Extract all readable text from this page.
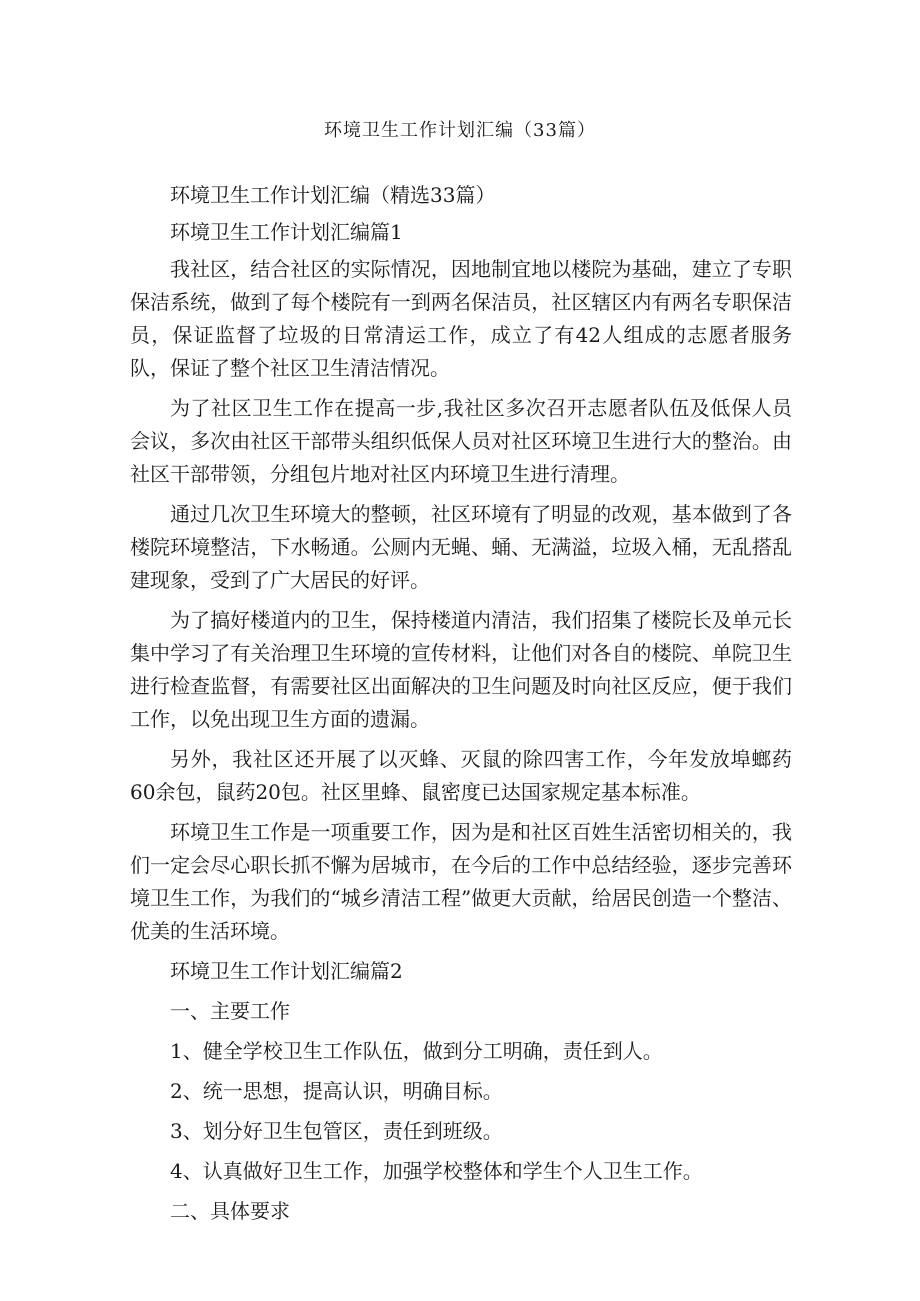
环境卫生工作计划汇编（33篇）

环境卫生工作计划汇编（精选33篇）

环境卫生工作计划汇编篇1

我社区，结合社区的实际情况，因地制宜地以楼院为基础，建立了专职保洁系统，做到了每个楼院有一到两名保洁员，社区辖区内有两名专职保洁员，保证监督了垃圾的日常清运工作，成立了有42人组成的志愿者服务队，保证了整个社区卫生清洁情况。

为了社区卫生工作在提高一步,我社区多次召开志愿者队伍及低保人员会议，多次由社区干部带头组织低保人员对社区环境卫生进行大的整治。由社区干部带领，分组包片地对社区内环境卫生进行清理。

通过几次卫生环境大的整顿，社区环境有了明显的改观，基本做到了各楼院环境整洁，下水畅通。公厕内无蝇、蛹、无满溢，垃圾入桶，无乱搭乱建现象，受到了广大居民的好评。

为了搞好楼道内的卫生，保持楼道内清洁，我们招集了楼院长及单元长集中学习了有关治理卫生环境的宣传材料，让他们对各自的楼院、单院卫生进行检查监督，有需要社区出面解决的卫生问题及时向社区反应，便于我们工作，以免出现卫生方面的遗漏。

另外，我社区还开展了以灭蜂、灭鼠的除四害工作，今年发放埠螂药60余包，鼠药20包。社区里蜂、鼠密度已达国家规定基本标准。

环境卫生工作是一项重要工作，因为是和社区百姓生活密切相关的，我们一定会尽心职长抓不懈为居城市，在今后的工作中总结经验，逐步完善环境卫生工作，为我们的“城乡清洁工程”做更大贡献，给居民创造一个整洁、优美的生活环境。

环境卫生工作计划汇编篇2

一、主要工作

1、健全学校卫生工作队伍，做到分工明确，责任到人。

2、统一思想，提高认识，明确目标。

3、划分好卫生包管区，责任到班级。

4、认真做好卫生工作，加强学校整体和学生个人卫生工作。

二、具体要求
